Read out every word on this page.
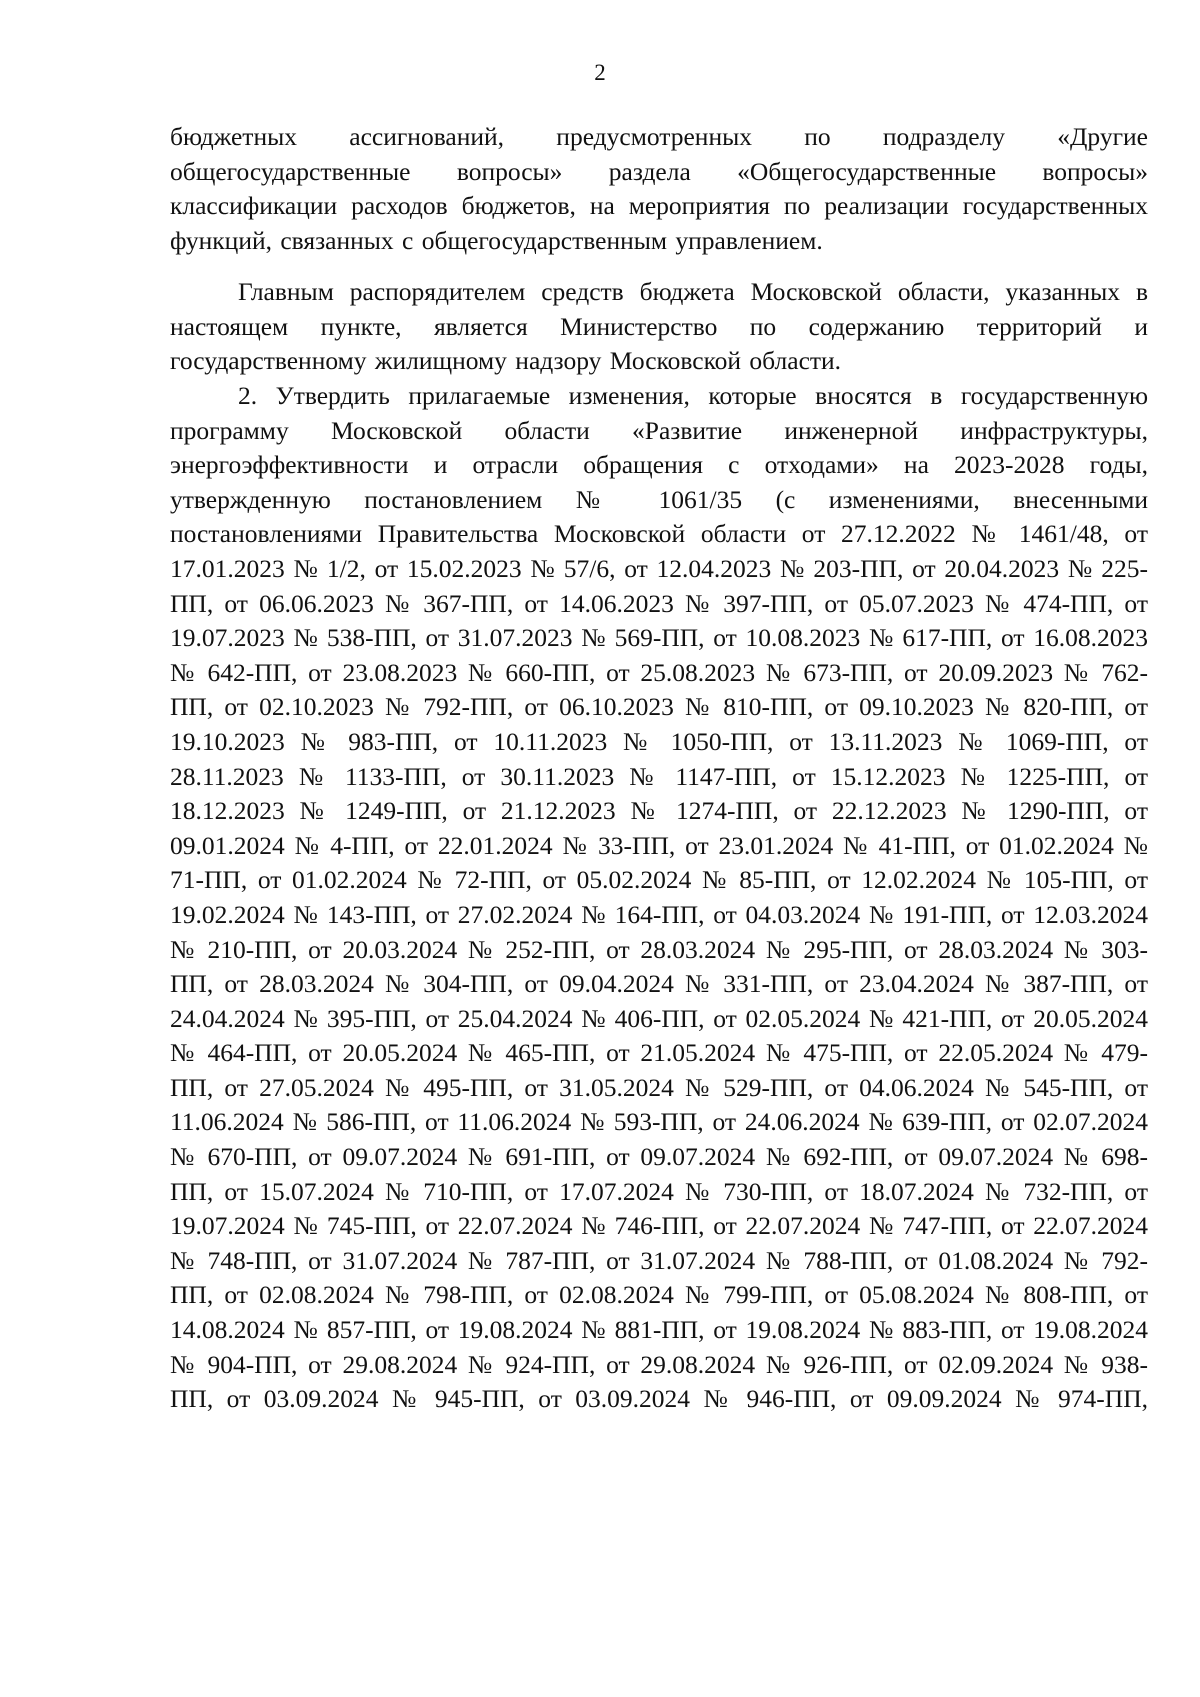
2

бюджетных ассигнований, предусмотренных по подразделу «Другие общегосударственные вопросы» раздела «Общегосударственные вопросы» классификации расходов бюджетов, на мероприятия по реализации государственных функций, связанных с общегосударственным управлением.

Главным распорядителем средств бюджета Московской области, указанных в настоящем пункте, является Министерство по содержанию территорий и государственному жилищному надзору Московской области.

2. Утвердить прилагаемые изменения, которые вносятся в государственную программу Московской области «Развитие инженерной инфраструктуры, энергоэффективности и отрасли обращения с отходами» на 2023-2028 годы, утвержденную постановлением № 1061/35 (с изменениями, внесенными постановлениями Правительства Московской области от 27.12.2022 № 1461/48, от 17.01.2023 № 1/2, от 15.02.2023 № 57/6, от 12.04.2023 № 203-ПП, от 20.04.2023 № 225-ПП, от 06.06.2023 № 367-ПП, от 14.06.2023 № 397-ПП, от 05.07.2023 № 474-ПП, от 19.07.2023 № 538-ПП, от 31.07.2023 № 569-ПП, от 10.08.2023 № 617-ПП, от 16.08.2023 № 642-ПП, от 23.08.2023 № 660-ПП, от 25.08.2023 № 673-ПП, от 20.09.2023 № 762-ПП, от 02.10.2023 № 792-ПП, от 06.10.2023 № 810-ПП, от 09.10.2023 № 820-ПП, от 19.10.2023 № 983-ПП, от 10.11.2023 № 1050-ПП, от 13.11.2023 № 1069-ПП, от 28.11.2023 № 1133-ПП, от 30.11.2023 № 1147-ПП, от 15.12.2023 № 1225-ПП, от 18.12.2023 № 1249-ПП, от 21.12.2023 № 1274-ПП, от 22.12.2023 № 1290-ПП, от 09.01.2024 № 4-ПП, от 22.01.2024 № 33-ПП, от 23.01.2024 № 41-ПП, от 01.02.2024 № 71-ПП, от 01.02.2024 № 72-ПП, от 05.02.2024 № 85-ПП, от 12.02.2024 № 105-ПП, от 19.02.2024 № 143-ПП, от 27.02.2024 № 164-ПП, от 04.03.2024 № 191-ПП, от 12.03.2024 № 210-ПП, от 20.03.2024 № 252-ПП, от 28.03.2024 № 295-ПП, от 28.03.2024 № 303-ПП, от 28.03.2024 № 304-ПП, от 09.04.2024 № 331-ПП, от 23.04.2024 № 387-ПП, от 24.04.2024 № 395-ПП, от 25.04.2024 № 406-ПП, от 02.05.2024 № 421-ПП, от 20.05.2024 № 464-ПП, от 20.05.2024 № 465-ПП, от 21.05.2024 № 475-ПП, от 22.05.2024 № 479-ПП, от 27.05.2024 № 495-ПП, от 31.05.2024 № 529-ПП, от 04.06.2024 № 545-ПП, от 11.06.2024 № 586-ПП, от 11.06.2024 № 593-ПП, от 24.06.2024 № 639-ПП, от 02.07.2024 № 670-ПП, от 09.07.2024 № 691-ПП, от 09.07.2024 № 692-ПП, от 09.07.2024 № 698-ПП, от 15.07.2024 № 710-ПП, от 17.07.2024 № 730-ПП, от 18.07.2024 № 732-ПП, от 19.07.2024 № 745-ПП, от 22.07.2024 № 746-ПП, от 22.07.2024 № 747-ПП, от 22.07.2024 № 748-ПП, от 31.07.2024 № 787-ПП, от 31.07.2024 № 788-ПП, от 01.08.2024 № 792-ПП, от 02.08.2024 № 798-ПП, от 02.08.2024 № 799-ПП, от 05.08.2024 № 808-ПП, от 14.08.2024 № 857-ПП, от 19.08.2024 № 881-ПП, от 19.08.2024 № 883-ПП, от 19.08.2024 № 904-ПП, от 29.08.2024 № 924-ПП, от 29.08.2024 № 926-ПП, от 02.09.2024 № 938-ПП, от 03.09.2024 № 945-ПП, от 03.09.2024 № 946-ПП, от 09.09.2024 № 974-ПП,
